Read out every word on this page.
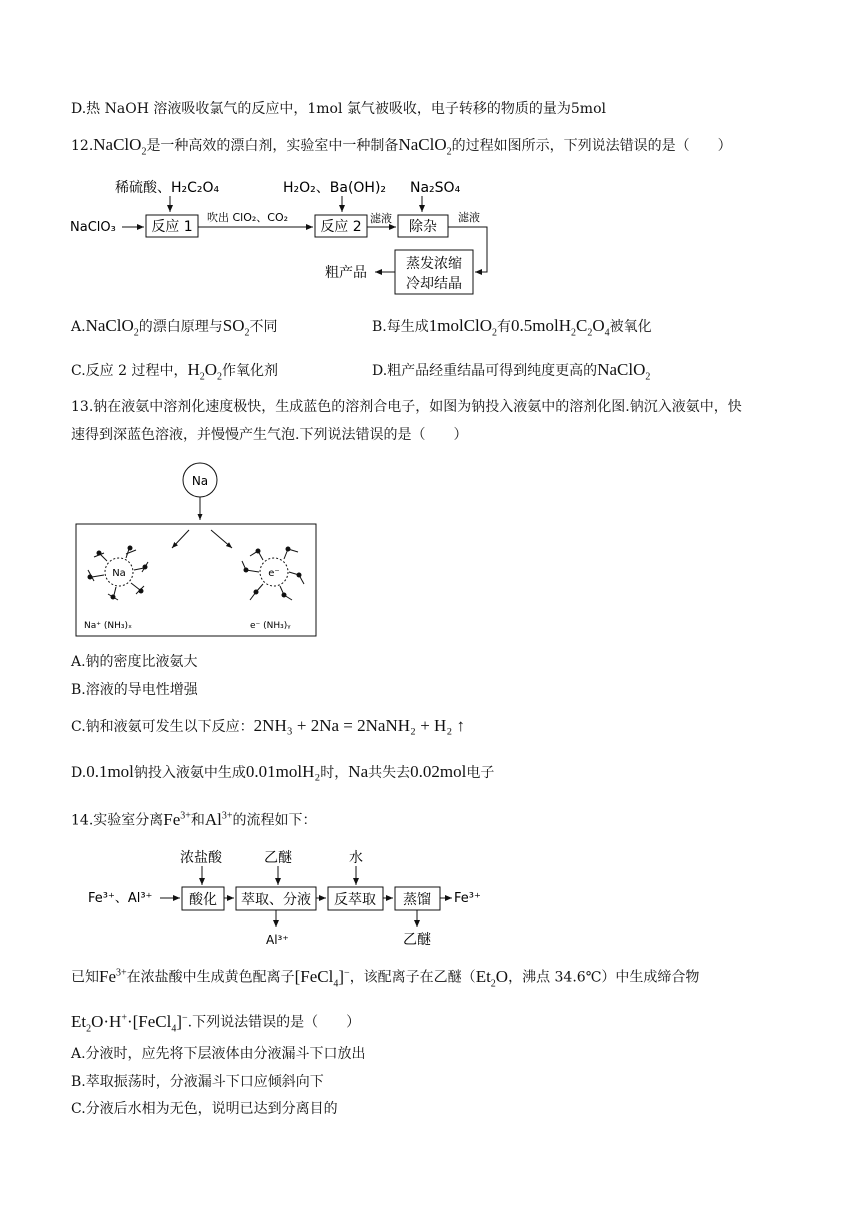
D.热 NaOH 溶液吸收氯气的反应中，1mol 氯气被吸收，电子转移的物质的量为5mol
12.NaClO$_2$是一种高效的漂白剂，实验室中一种制备NaClO$_2$的过程如图所示，下列说法错误的是（　　）
稀硫酸、H₂C₂O₄
NaClO₃	反应 1
吹出 ClO₂、CO₂
H₂O₂、Ba(OH)₂
反应 2
滤液
Na₂SO₄
除杂
滤液
蒸发浓缩
冷却结晶
粗产品
A.NaClO$_2$的漂白原理与$SO_2$不同	B.每生成1molClO$_2$有$0.5molH_2C_2O_4$被氧化
C.反应 2 过程中，$H_2O_2$作氧化剂	D.粗产品经重结晶可得到纯度更高的NaClO$_2$
13.钠在液氨中溶剂化速度极快，生成蓝色的溶剂合电子，如图为钠投入液氨中的溶剂化图.钠沉入液氨中，快
速得到深蓝色溶液，并慢慢产生气泡.下列说法错误的是（　　）
Na
Na	e⁻
Na⁺ (NH₃)ₓ	e⁻ (NH₃)ᵧ
A.钠的密度比液氨大
B.溶液的导电性增强
C.钠和液氨可发生以下反应：2NH₃ + 2Na = 2NaNH₂ + H₂ ↑
D.0.1mol钠投入液氨中生成0.01molH₂时，Na共失去0.02mol电子
14.实验室分离$Fe^{3+}$和$Al^{3+}$的流程如下：
Fe³⁺、Al³⁺
浓盐酸
酸化
乙醚
萃取、分液
Al³⁺
水
反萃取 蒸馏 Fe³⁺
乙醚
已知$Fe^{3+}$在浓盐酸中生成黄色配离子[FeCl$_4$]−，该配离子在乙醚（$Et_2O$，沸点 34.6℃）中生成缔合物
$Et_2O\cdot H^+\cdot[FeCl_4]^-$.下列说法错误的是（　　）
A.分液时，应先将下层液体由分液漏斗下口放出
B.萃取振荡时，分液漏斗下口应倾斜向下
C.分液后水相为无色，说明已达到分离目的
